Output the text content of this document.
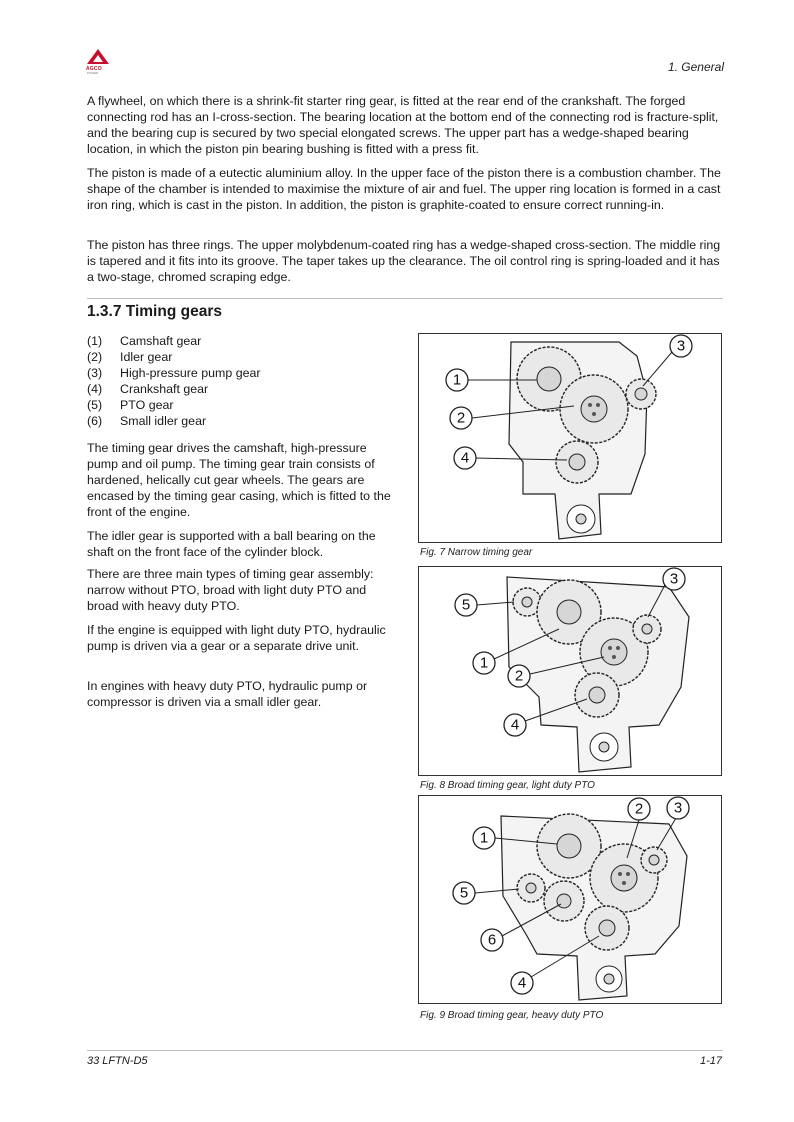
AGCO
POWER	1. General

A flywheel, on which there is a shrink-fit starter ring gear, is fitted at the rear end of the crankshaft. The forged connecting rod has an I-cross-section. The bearing location at the bottom end of the connecting rod is fracture-split, and the bearing cup is secured by two special elongated screws. The upper part has a wedge-shaped bearing location, in which the piston pin bearing bushing is fitted with a press fit.

The piston is made of a eutectic aluminium alloy. In the upper face of the piston there is a combustion chamber. The shape of the chamber is intended to maximise the mixture of air and fuel. The upper ring location is formed in a cast iron ring, which is cast in the piston. In addition, the piston is graphite-coated to ensure correct running-in.

The piston has three rings. The upper molybdenum-coated ring has a wedge-shaped cross-section. The middle ring is tapered and it fits into its groove. The taper takes up the clearance. The oil control ring is spring-loaded and it has a two-stage, chromed scraping edge.

1.3.7 Timing gears
(1)	Camshaft gear
(2)	Idler gear
(3)	High-pressure pump gear
(4)	Crankshaft gear
(5)	PTO gear
(6)	Small idler gear

The timing gear drives the camshaft, high-pressure pump and oil pump. The timing gear train consists of hardened, helically cut gear wheels. The gears are encased by the timing gear casing, which is fitted to the front of the engine.

The idler gear is supported with a ball bearing on the shaft on the front face of the cylinder block.

There are three main types of timing gear assembly: narrow without PTO, broad with light duty PTO and broad with heavy duty PTO.

If the engine is equipped with light duty PTO, hydraulic pump is driven via a gear or a separate drive unit.

In engines with heavy duty PTO, hydraulic pump or compressor is driven via a small idler gear.

1
2
3
4
Fig. 7 Narrow timing gear
5
1
2
3
4
Fig. 8 Broad timing gear, light duty PTO
1
2 3
5
6
4
Fig. 9 Broad timing gear, heavy duty PTO
33 LFTN-D5	1-17
